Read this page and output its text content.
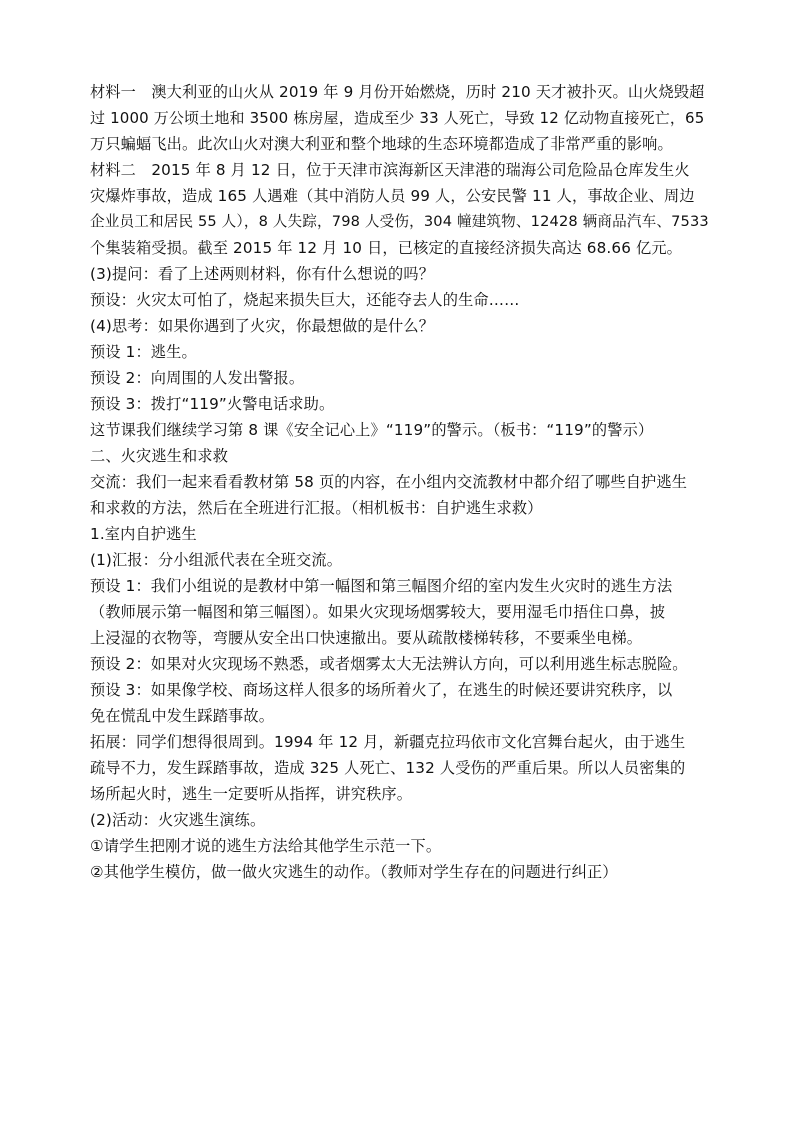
材料一　澳大利亚的山火从 2019 年 9 月份开始燃烧，历时 210 天才被扑灭。山火烧毁超

过 1000 万公顷土地和 3500 栋房屋，造成至少 33 人死亡，导致 12 亿动物直接死亡，65

万只蝙蝠飞出。此次山火对澳大利亚和整个地球的生态环境都造成了非常严重的影响。

材料二　2015 年 8 月 12 日，位于天津市滨海新区天津港的瑞海公司危险品仓库发生火

灾爆炸事故，造成 165 人遇难（其中消防人员 99 人，公安民警 11 人，事故企业、周边

企业员工和居民 55 人），8 人失踪，798 人受伤，304 幢建筑物、12428 辆商品汽车、7533

个集装箱受损。截至 2015 年 12 月 10 日，已核定的直接经济损失高达 68.66 亿元。

(3)提问：看了上述两则材料，你有什么想说的吗？

预设：火灾太可怕了，烧起来损失巨大，还能夺去人的生命……

(4)思考：如果你遇到了火灾，你最想做的是什么？

预设 1：逃生。

预设 2：向周围的人发出警报。

预设 3：拨打“119”火警电话求助。

这节课我们继续学习第 8 课《安全记心上》“119”的警示。（板书：“119”的警示）

二、火灾逃生和求救

交流：我们一起来看看教材第 58 页的内容，在小组内交流教材中都介绍了哪些自护逃生

和求救的方法，然后在全班进行汇报。（相机板书：自护逃生求救）

1.室内自护逃生

(1)汇报：分小组派代表在全班交流。

预设 1：我们小组说的是教材中第一幅图和第三幅图介绍的室内发生火灾时的逃生方法

（教师展示第一幅图和第三幅图）。如果火灾现场烟雾较大，要用湿毛巾捂住口鼻，披

上浸湿的衣物等，弯腰从安全出口快速撤出。要从疏散楼梯转移，不要乘坐电梯。

预设 2：如果对火灾现场不熟悉，或者烟雾太大无法辨认方向，可以利用逃生标志脱险。

预设 3：如果像学校、商场这样人很多的场所着火了，在逃生的时候还要讲究秩序，以

免在慌乱中发生踩踏事故。

拓展：同学们想得很周到。1994 年 12 月，新疆克拉玛依市文化宫舞台起火，由于逃生

疏导不力，发生踩踏事故，造成 325 人死亡、132 人受伤的严重后果。所以人员密集的

场所起火时，逃生一定要听从指挥，讲究秩序。

(2)活动：火灾逃生演练。

①请学生把刚才说的逃生方法给其他学生示范一下。

②其他学生模仿，做一做火灾逃生的动作。（教师对学生存在的问题进行纠正）
